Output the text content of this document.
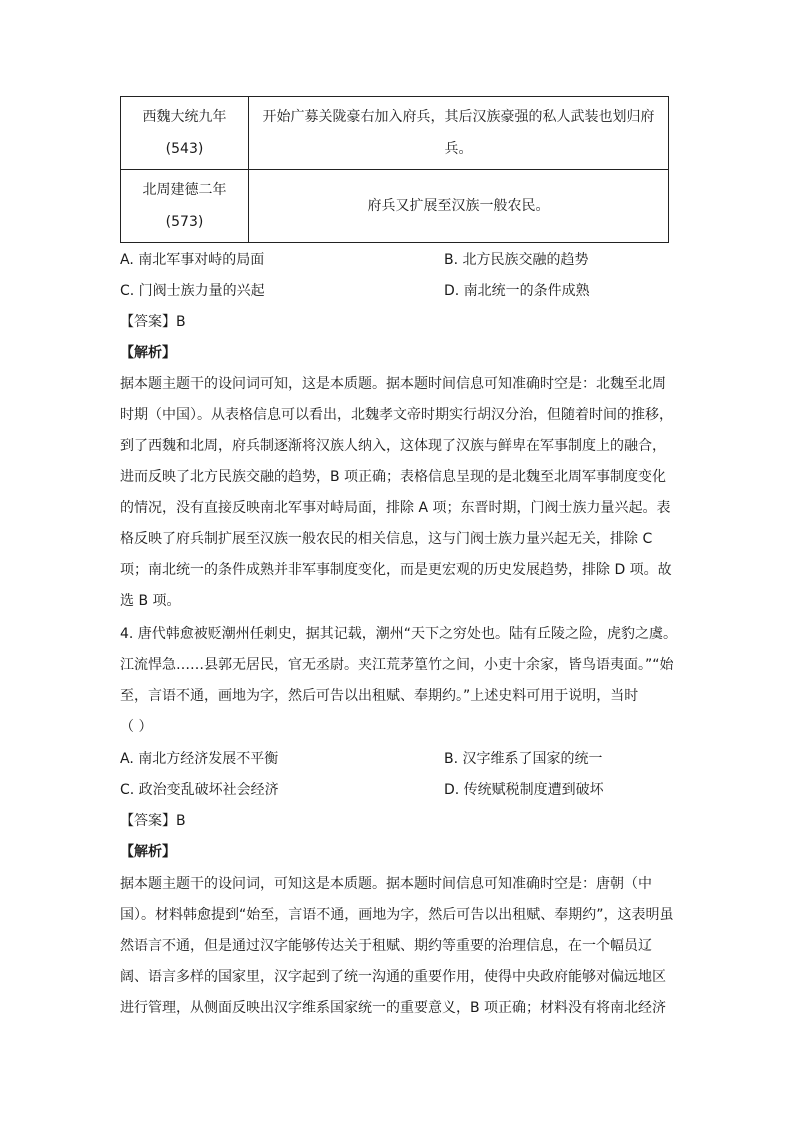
西魏大统九年
(543)	开始广募关陇豪右加入府兵，其后汉族豪强的私人武装也划归府
兵。

北周建德二年
(573)	府兵又扩展至汉族一般农民。
A. 南北军事对峙的局面	B. 北方民族交融的趋势
C. 门阀士族力量的兴起	D. 南北统一的条件成熟
【答案】B
【解析】
据本题主题干的设问词可知，这是本质题。据本题时间信息可知准确时空是：北魏至北周
时期（中国）。从表格信息可以看出，北魏孝文帝时期实行胡汉分治，但随着时间的推移，
到了西魏和北周，府兵制逐渐将汉族人纳入，这体现了汉族与鲜卑在军事制度上的融合，
进而反映了北方民族交融的趋势，B 项正确；表格信息呈现的是北魏至北周军事制度变化
的情况，没有直接反映南北军事对峙局面，排除 A 项；东晋时期，门阀士族力量兴起。表
格反映了府兵制扩展至汉族一般农民的相关信息，这与门阀士族力量兴起无关，排除 C
项；南北统一的条件成熟并非军事制度变化，而是更宏观的历史发展趋势，排除 D 项。故
选 B 项。
4. 唐代韩愈被贬潮州任刺史，据其记载，潮州“天下之穷处也。陆有丘陵之险，虎豹之虞。
江流悍急……县郭无居民，官无丞尉。夹江荒茅篁竹之间，小吏十余家，皆鸟语夷面。”“始
至，言语不通，画地为字，然后可告以出租赋、奉期约。”上述史料可用于说明，当时
（ ）
A. 南北方经济发展不平衡	B. 汉字维系了国家的统一
C. 政治变乱破坏社会经济	D. 传统赋税制度遭到破坏
【答案】B
【解析】
据本题主题干的设问词，可知这是本质题。据本题时间信息可知准确时空是：唐朝（中
国）。材料韩愈提到“始至，言语不通，画地为字，然后可告以出租赋、奉期约”，这表明虽
然语言不通，但是通过汉字能够传达关于租赋、期约等重要的治理信息，在一个幅员辽
阔、语言多样的国家里，汉字起到了统一沟通的重要作用，使得中央政府能够对偏远地区
进行管理，从侧面反映出汉字维系国家统一的重要意义，B 项正确；材料没有将南北经济
